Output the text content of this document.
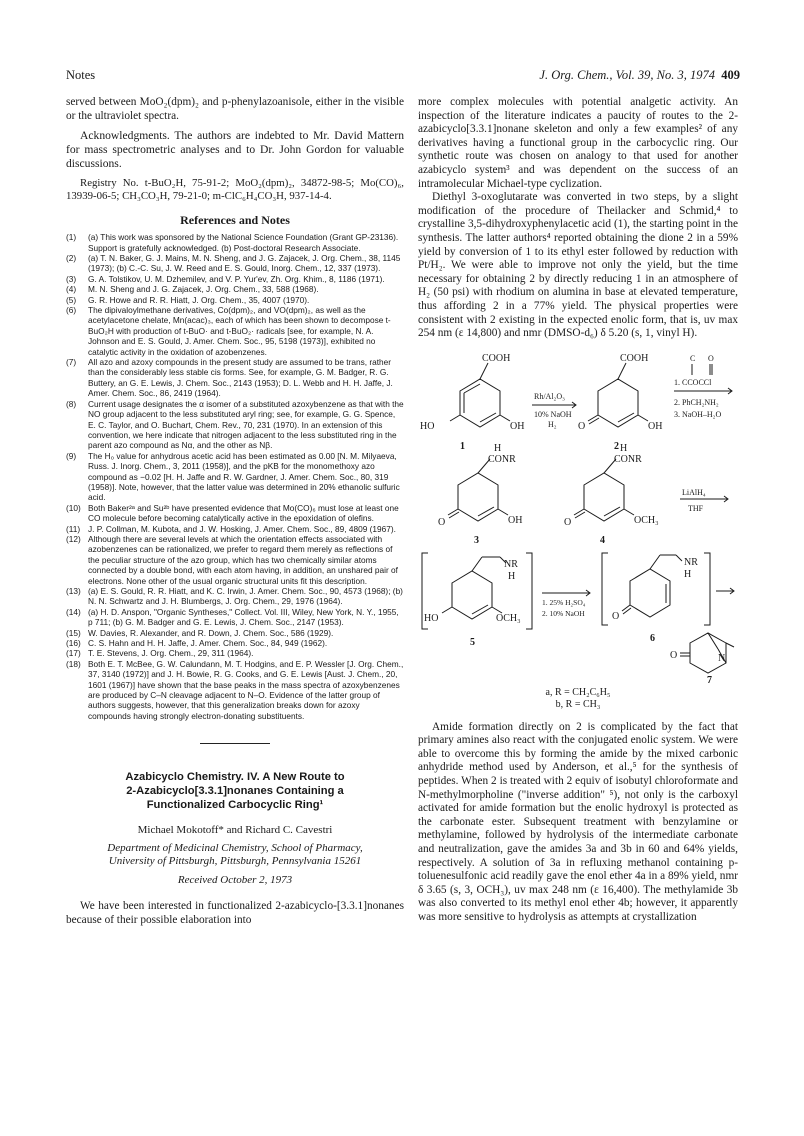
Notes	J. Org. Chem., Vol. 39, No. 3, 1974 409

served between MoO₂(dpm)₂ and p-phenylazoanisole, either in the visible or the ultraviolet spectra.

Acknowledgments. The authors are indebted to Mr. David Mattern for mass spectrometric analyses and to Dr. John Gordon for valuable discussions.

Registry No. t-BuO₂H, 75-91-2; MoO₂(dpm)₂, 34872-98-5; Mo(CO)₆, 13939-06-5; CH₃CO₃H, 79-21-0; m-ClC₆H₄CO₃H, 937-14-4.

References and Notes
(1)	(a) This work was sponsored by the National Science Foundation (Grant GP-23136). Support is gratefully acknowledged. (b) Post-doctoral Research Associate.
(2)	(a) T. N. Baker, G. J. Mains, M. N. Sheng, and J. G. Zajacek, J. Org. Chem., 38, 1145 (1973); (b) C.-C. Su, J. W. Reed and E. S. Gould, Inorg. Chem., 12, 337 (1973).
(3)	G. A. Tolstikov, U. M. Dzhemilev, and V. P. Yur'ev, Zh. Org. Khim., 8, 1186 (1971).
(4)	M. N. Sheng and J. G. Zajacek, J. Org. Chem., 33, 588 (1968).
(5)	G. R. Howe and R. R. Hiatt, J. Org. Chem., 35, 4007 (1970).
(6)	The dipivaloylmethane derivatives, Co(dpm)₂, and VO(dpm)₂, as well as the acetylacetone chelate, Mn(acac)₃, each of which has been shown to decompose t-BuO₂H with production of t-BuO· and t-BuO₂· radicals [see, for example, N. A. Johnson and E. S. Gould, J. Amer. Chem. Soc., 95, 5198 (1973)], exhibited no catalytic activity in the oxidation of azobenzenes.
(7)	All azo and azoxy compounds in the present study are assumed to be trans, rather than the considerably less stable cis forms. See, for example, G. M. Badger, R. G. Buttery, an G. E. Lewis, J. Chem. Soc., 2143 (1953); D. L. Webb and H. H. Jaffe, J. Amer. Chem. Soc., 86, 2419 (1964).
(8)	Current usage designates the α isomer of a substituted azoxybenzene as that with the NO group adjacent to the less substituted aryl ring; see, for example, G. G. Spence, E. C. Taylor, and O. Buchart, Chem. Rev., 70, 231 (1970). In an extension of this convention, we here indicate that nitrogen adjacent to the less substituted ring in the parent azo compound as Nα, and the other as Nβ.
(9)	The H₀ value for anhydrous acetic acid has been estimated as 0.00 [N. M. Milyaeva, Russ. J. Inorg. Chem., 3, 2011 (1958)], and the pKB for the monomethoxy azo compound as −0.02 [H. H. Jaffe and R. W. Gardner, J. Amer. Chem. Soc., 80, 319 (1958)]. Note, however, that the latter value was determined in 20% ethanolic sulfuric acid.
(10) Both Baker²ᵃ and Su²ᵇ have presented evidence that Mo(CO)₆ must lose at least one CO molecule before becoming catalytically active in the epoxidation of olefins.
(11) J. P. Collman, M. Kubota, and J. W. Hosking, J. Amer. Chem. Soc., 89, 4809 (1967).
(12) Although there are several levels at which the orientation effects associated with azobenzenes can be rationalized, we prefer to regard them merely as reflections of the peculiar structure of the azo group, which has two chemically similar atoms connected by a double bond, with each atom having, in addition, an unshared pair of electrons. None other of the usual organic structural units fit this description.
(13) (a) E. S. Gould, R. R. Hiatt, and K. C. Irwin, J. Amer. Chem. Soc., 90, 4573 (1968); (b) N. N. Schwartz and J. H. Blumbergs, J. Org. Chem., 29, 1976 (1964).
(14) (a) H. D. Anspon, "Organic Syntheses," Collect. Vol. III, Wiley, New York, N. Y., 1955, p 711; (b) G. M. Badger and G. E. Lewis, J. Chem. Soc., 2147 (1953).
(15) W. Davies, R. Alexander, and R. Down, J. Chem. Soc., 586 (1929).
(16) C. S. Hahn and H. H. Jaffe, J. Amer. Chem. Soc., 84, 949 (1962).
(17) T. E. Stevens, J. Org. Chem., 29, 311 (1964).
(18) Both E. T. McBee, G. W. Calundann, M. T. Hodgins, and E. P. Wessler [J. Org. Chem., 37, 3140 (1972)] and J. H. Bowie, R. G. Cooks, and G. E. Lewis [Aust. J. Chem., 20, 1601 (1967)] have shown that the base peaks in the mass spectra of azoxybenzenes are produced by C–N cleavage adjacent to N–O. Evidence of the latter group of authors suggests, however, that this generalization breaks down for azoxy compounds having strongly electron-donating substituents.
Azabicyclo Chemistry. IV. A New Route to
2-Azabicyclo[3.3.1]nonanes Containing a
Functionalized Carbocyclic Ring¹
Michael Mokotoff* and Richard C. Cavestri
Department of Medicinal Chemistry, School of Pharmacy,
University of Pittsburgh, Pittsburgh, Pennsylvania 15261
Received October 2, 1973

We have been interested in functionalized 2-azabicyclo-[3.3.1]nonanes because of their possible elaboration into

more complex molecules with potential analgetic activity. An inspection of the literature indicates a paucity of routes to the 2-azabicyclo[3.3.1]nonane skeleton and only a few examples² of any derivatives having a functional group in the carbocyclic ring. Our synthetic route was chosen on analogy to that used for another azabicyclo system³ and was dependent on the success of an intramolecular Michael-type cyclization.

Diethyl 3-oxoglutarate was converted in two steps, by a slight modification of the procedure of Theilacker and Schmid,⁴ to crystalline 3,5-dihydroxyphenylacetic acid (1), the starting point in the synthesis. The latter authors⁴ reported obtaining the dione 2 in a 59% yield by conversion of 1 to its ethyl ester followed by reduction with Pt/H₂. We were able to improve not only the yield, but the time necessary for obtaining 2 by directly reducing 1 in an atmosphere of H₂ (50 psi) with rhodium on alumina in base at elevated temperature, thus affording 2 in a 77% yield. The physical properties were consistent with 2 existing in the expected enolic form, that is, uv max 254 nm (ε 14,800) and nmr (DMSO-d₆) δ 5.20 (s, 1, vinyl H).

COOH
HO	OH
1
Rh/Al₂O₃
10% NaOH
H₂
COOH
O	OH
2
C O
1. CCOCCl
2. PhCH₂NH₂
3. NaOH–H₂O
H
CONR
O	OH
3
H
CONR
O	OCH₃
4
LiAlH₄
THF
NR
H
HO	OCH₃
5
1. 25% H₂SO₄
2. 10% NaOH
NR
H
O
6
O	N
7
a, R = CH₂C₆H₅
b, R = CH₃

Amide formation directly on 2 is complicated by the fact that primary amines also react with the conjugated enolic system. We were able to overcome this by forming the amide by the mixed carbonic anhydride method used by Anderson, et al.,⁵ for the synthesis of peptides. When 2 is treated with 2 equiv of isobutyl chloroformate and N-methylmorpholine ("inverse addition" ⁵), not only is the carboxyl activated for amide formation but the enolic hydroxyl is protected as the carbonate ester. Subsequent treatment with benzylamine or methylamine, followed by hydrolysis of the intermediate carbonate and neutralization, gave the amides 3a and 3b in 60 and 64% yields, respectively. A solution of 3a in refluxing methanol containing p-toluenesulfonic acid readily gave the enol ether 4a in a 89% yield, nmr δ 3.65 (s, 3, OCH₃), uv max 248 nm (ε 16,400). The methylamide 3b was also converted to its methyl enol ether 4b; however, it apparently was more sensitive to hydrolysis as attempts at crystallization
